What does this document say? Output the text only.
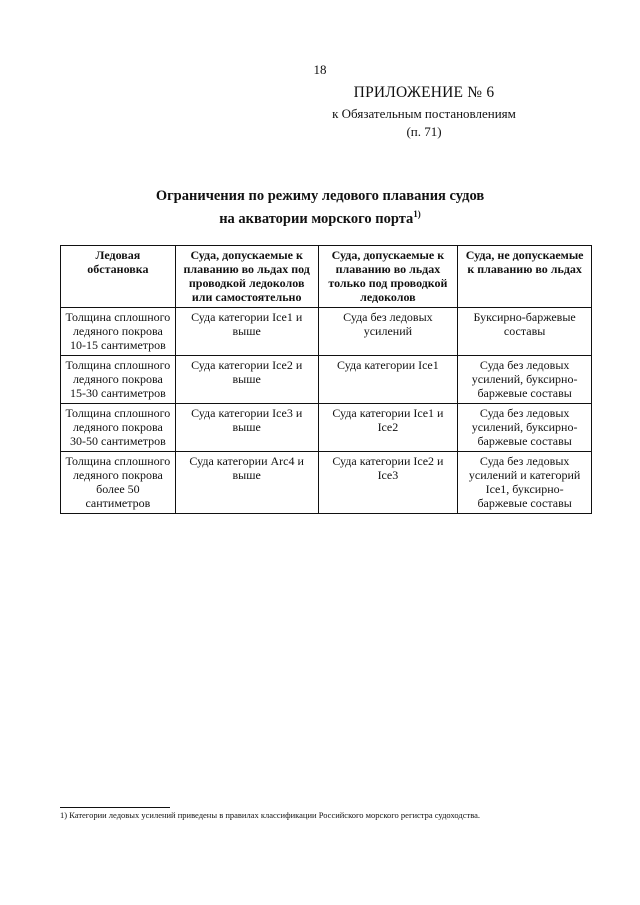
18
ПРИЛОЖЕНИЕ № 6
к Обязательным постановлениям
(п. 71)
Ограничения по режиму ледового плавания судов
на акватории морского порта$^{1)}$
Ледовая обстановка	Суда, допускаемые к плаванию во льдах под проводкой ледоколов или самостоятельно	Суда, допускаемые к плаванию во льдах только под проводкой ледоколов	Суда, не допускаемые к плаванию во льдах
Толщина сплошного ледяного покрова 10-15 сантиметров	Суда категории Ice1 и выше	Суда без ледовых усилений	Буксирно-баржевые составы
Толщина сплошного ледяного покрова 15-30 сантиметров	Суда категории Ice2 и выше	Суда категории Ice1	Суда без ледовых усилений, буксирно-баржевые составы
Толщина сплошного ледяного покрова 30-50 сантиметров	Суда категории Ice3 и выше	Суда категории Ice1 и Ice2	Суда без ледовых усилений, буксирно-баржевые составы
Толщина сплошного ледяного покрова более 50 сантиметров	Суда категории Arc4 и выше	Суда категории Ice2 и Ice3	Суда без ледовых усилений и категорий Ice1, буксирно-баржевые составы
1) Категории ледовых усилений приведены в правилах классификации Российского морского регистра судоходства.
